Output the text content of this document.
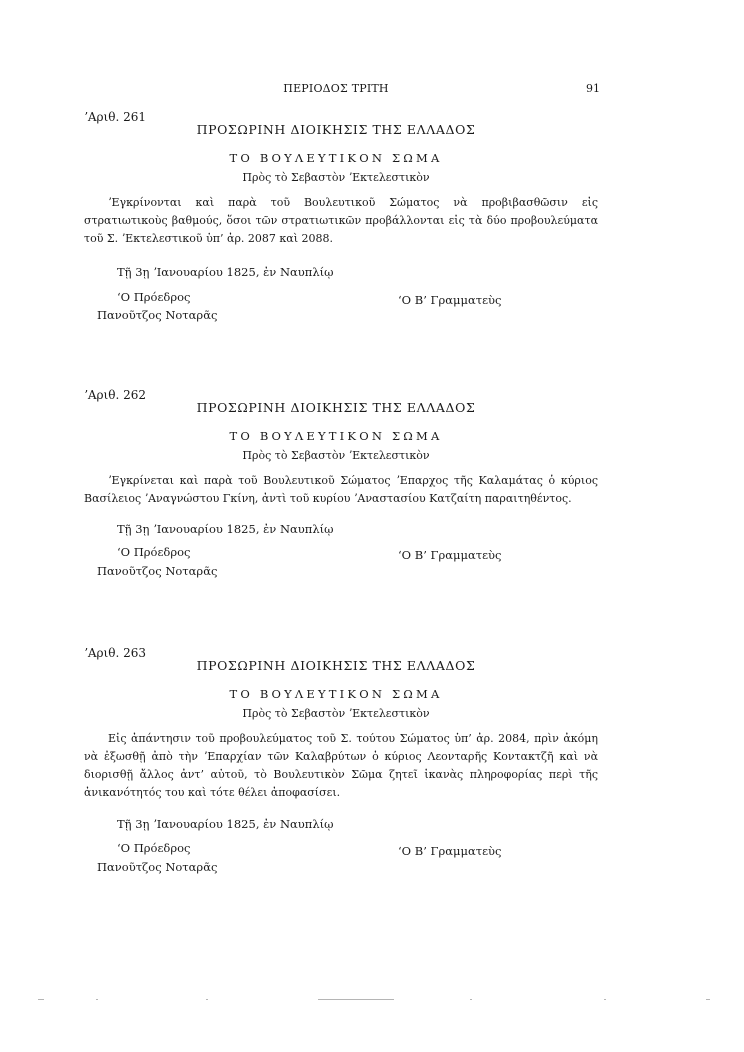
ΠΕΡΙΟΔΟΣ ΤΡΙΤΗ	91
ʼΑριθ. 261
ΠΡΟΣΩΡΙΝΗ ΔΙΟΙΚΗΣΙΣ ΤΗΣ ΕΛΛΑΔΟΣ
ΤΟ ΒΟΥΛΕΥΤΙΚΟΝ ΣΩΜΑ
Πρὸς τὸ Σεβαστὸν ʼΕκτελεστικὸν

ʼΕγκρίνονται καὶ παρὰ τοῦ Βουλευτικοῦ Σώματος νὰ προβιβασθῶσιν εἰς στρατιωτικοὺς βαθμούς, ὅσοι τῶν στρατιωτικῶν προβάλλονται εἰς τὰ δύο προβουλεύματα τοῦ Σ. ʼΕκτελεστικοῦ ὑπ’ ἀρ. 2087 καὶ 2088.

Τῇ 3ῃ ʼΙανουαρίου 1825, ἐν Ναυπλίῳ
ʻΟ Πρόεδρος	ʻΟ Β’ Γραμματεὺς
Πανοῦτζος Νοταρᾶς
ʼΑριθ. 262
ΠΡΟΣΩΡΙΝΗ ΔΙΟΙΚΗΣΙΣ ΤΗΣ ΕΛΛΑΔΟΣ
ΤΟ ΒΟΥΛΕΥΤΙΚΟΝ ΣΩΜΑ
Πρὸς τὸ Σεβαστὸν ʼΕκτελεστικὸν

ʼΕγκρίνεται καὶ παρὰ τοῦ Βουλευτικοῦ Σώματος ʼΕπαρχος τῆς Καλαμάτας ὁ κύριος Βασίλειος ʼΑναγνώστου Γκίνη, ἀντὶ τοῦ κυρίου ʼΑναστασίου Κατζαίτη παραιτηθέντος.

Τῇ 3ῃ ʼΙανουαρίου 1825, ἐν Ναυπλίῳ
ʻΟ Πρόεδρος	ʻΟ Β’ Γραμματεὺς
Πανοῦτζος Νοταρᾶς
ʼΑριθ. 263
ΠΡΟΣΩΡΙΝΗ ΔΙΟΙΚΗΣΙΣ ΤΗΣ ΕΛΛΑΔΟΣ
ΤΟ ΒΟΥΛΕΥΤΙΚΟΝ ΣΩΜΑ
Πρὸς τὸ Σεβαστὸν ʼΕκτελεστικὸν

Εἰς ἀπάντησιν τοῦ προβουλεύματος τοῦ Σ. τούτου Σώματος ὑπ’ ἀρ. 2084, πρὶν ἀκόμη νὰ ἐξωσθῇ ἀπὸ τὴν ʼΕπαρχίαν τῶν Καλαβρύτων ὁ κύριος Λεονταρῆς Κοντακτζῆ καὶ νὰ διορισθῇ ἄλλος ἀντ’ αὐτοῦ, τὸ Βουλευτικὸν Σῶμα ζητεῖ ἱκανὰς πληροφορίας περὶ τῆς ἀνικανότητός του καὶ τότε θέλει ἀποφασίσει.

Τῇ 3ῃ ʼΙανουαρίου 1825, ἐν Ναυπλίῳ
ʻΟ Πρόεδρος	ʻΟ Β’ Γραμματεὺς
Πανοῦτζος Νοταρᾶς
